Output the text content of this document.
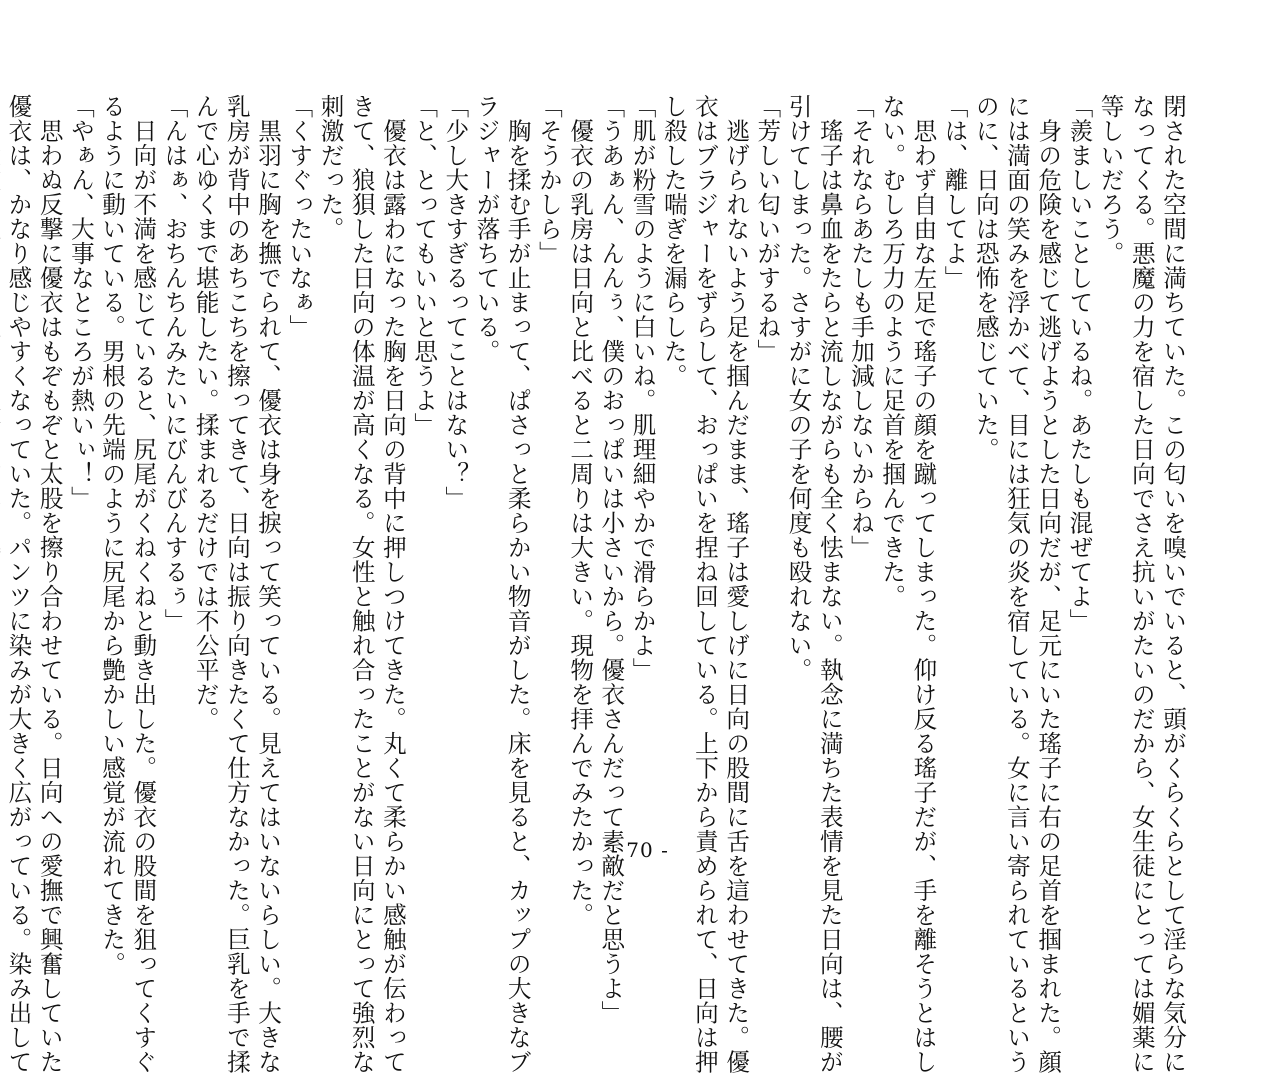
閉された空間に満ちていた。この匂いを嗅いでいると、頭がくらくらとして淫らな気分に
なってくる。悪魔の力を宿した日向でさえ抗いがたいのだから、女生徒にとっては媚薬に
等しいだろう。
「羨ましいことしているね。あたしも混ぜてよ」
　身の危険を感じて逃げようとした日向だが、足元にいた瑤子に右の足首を掴まれた。顔
には満面の笑みを浮かべて、目には狂気の炎を宿している。女に言い寄られているという
のに、日向は恐怖を感じていた。
「は、離してよ」
　思わず自由な左足で瑤子の顔を蹴ってしまった。仰け反る瑤子だが、手を離そうとはし
ない。むしろ万力のように足首を掴んできた。
「それならあたしも手加減しないからね」
　瑤子は鼻血をたらと流しながらも全く怯まない。執念に満ちた表情を見た日向は、腰が
引けてしまった。さすがに女の子を何度も殴れない。
「芳しい匂いがするね」
　逃げられないよう足を掴んだまま、瑤子は愛しげに日向の股間に舌を這わせてきた。優
衣はブラジャーをずらして、おっぱいを捏ね回している。上下から責められて、日向は押
し殺した喘ぎを漏らした。
「肌が粉雪のように白いね。肌理細やかで滑らかよ」
「うあぁん、んんぅ、僕のおっぱいは小さいから。優衣さんだって素敵だと思うよ」
　優衣の乳房は日向と比べると二周りは大きい。現物を拝んでみたかった。
「そうかしら」
　胸を揉む手が止まって、ぱさっと柔らかい物音がした。床を見ると、カップの大きなブ
ラジャーが落ちている。
「少し大きすぎるってことはない？」
「と、とってもいいと思うよ」
　優衣は露わになった胸を日向の背中に押しつけてきた。丸くて柔らかい感触が伝わって
きて、狼狽した日向の体温が高くなる。女性と触れ合ったことがない日向にとって強烈な
刺激だった。
「くすぐったいなぁ」
　黒羽に胸を撫でられて、優衣は身を捩って笑っている。見えてはいないらしい。大きな
乳房が背中のあちこちを擦ってきて、日向は振り向きたくて仕方なかった。巨乳を手で揉
んで心ゆくまで堪能したい。揉まれるだけでは不公平だ。
「んはぁ、おちんちんみたいにびんびんするぅ」
　日向が不満を感じていると、尻尾がくねくねと動き出した。優衣の股間を狙ってくすぐ
るように動いている。男根の先端のように尻尾から艶かしい感覚が流れてきた。
「やぁん、大事なところが熱いぃ！」
　思わぬ反撃に優衣はもぞもぞと太股を擦り合わせている。日向への愛撫で興奮していた
優衣は、かなり感じやすくなっていた。パンツに染みが大きく広がっている。染み出して	- 70 -
